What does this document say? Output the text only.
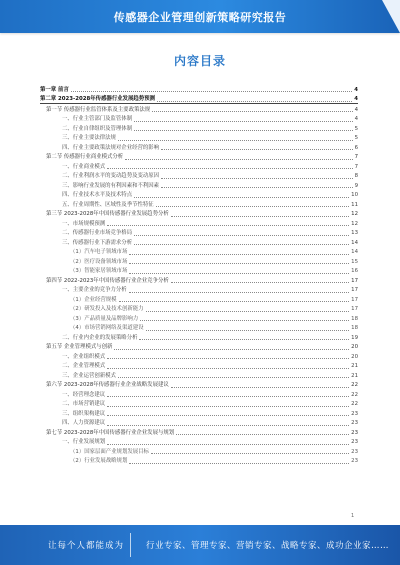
传感器企业管理创新策略研究报告
内容目录
第一章 前言	4
第二章 2023-2028年传感器行业发展趋势预测	4
第一节 传感器行业监管体系及主要政策法规	4
一、行业主管部门及监管体制	4
二、行业自律组织及管理体制	5
三、行业主要法律法规	5
四、行业主要政策法规对企业经营的影响	6
第二节 传感器行业商业模式分析	7
一、行业商业模式	7
二、行业利润水平的变动趋势及变动原因	8
三、影响行业发展的有利因素和不利因素	9
四、行业技术水平及技术特点	10
五、行业周期性、区域性及季节性特征	11
第三节 2023-2028年中国传感器行业发展趋势分析	12
一、市场规模预测	12
二、传感器行业市场竞争格局	13
三、传感器行业下游需求分析	14
（1）汽车电子领域市场	14
（2）医疗设备领域市场	15
（3）智能家居领域市场	16
第四节 2022-2023年中国传感器行业企业竞争分析	17
一、主要企业的竞争力分析	17
（1）企业经营规模	17
（2）研发投入及技术创新能力	17
（3）产品质量及品牌影响力	18
（4）市场营销网络及渠道建设	18
二、行业内企业的发展策略分析	19
第五节 企业管理模式与创新	20
一、企业组织模式	20
二、企业管理模式	21
三、企业运营创新模式	21
第六节 2023-2028年传感器行业企业战略发展建议	22
一、经营理念建议	22
二、市场营销建议	22
三、组织架构建议	23
四、人力资源建议	23
第七节 2023-2028年中国传感器行业企业发展与规划	23
一、行业发展规划	23
（1）国家层面产业规划发展目标	23
（2）行业发展战略规划	23
1
让每个人都能成为	行业专家、管理专家、营销专家、战略专家、成功企业家……
